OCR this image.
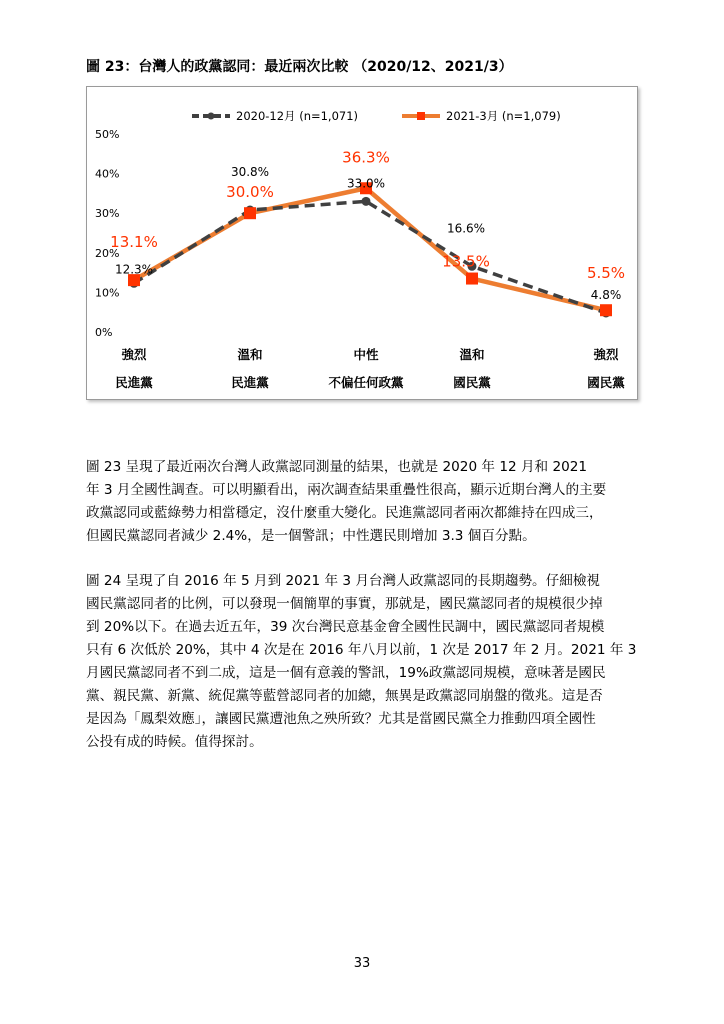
圖 23：台灣人的政黨認同：最近兩次比較 （2020/12、2021/3）
0%
10%
20%
30%
40%
50%
強烈
民進黨
溫和
民進黨
中性
不偏任何政黨
溫和
國民黨
強烈
國民黨
2020-12月 (n=1,071)	2021-3月 (n=1,079)
12.3%
30.8%
33.0%
16.6%
4.8%
13.1%
30.0%
36.3%
13.5%
5.5%

圖 23 呈現了最近兩次台灣人政黨認同測量的結果，也就是 2020 年 12 月和 2021

年 3 月全國性調查。可以明顯看出，兩次調查結果重疊性很高，顯示近期台灣人的主要

政黨認同或藍綠勢力相當穩定，沒什麼重大變化。民進黨認同者兩次都維持在四成三，

但國民黨認同者減少 2.4%，是一個警訊；中性選民則增加 3.3 個百分點。

圖 24 呈現了自 2016 年 5 月到 2021 年 3 月台灣人政黨認同的長期趨勢。仔細檢視

國民黨認同者的比例，可以發現一個簡單的事實，那就是，國民黨認同者的規模很少掉

到 20%以下。在過去近五年，39 次台灣民意基金會全國性民調中，國民黨認同者規模

只有 6 次低於 20%，其中 4 次是在 2016 年八月以前，1 次是 2017 年 2 月。2021 年 3

月國民黨認同者不到二成，這是一個有意義的警訊，19%政黨認同規模，意味著是國民

黨、親民黨、新黨、統促黨等藍營認同者的加總，無異是政黨認同崩盤的徵兆。這是否

是因為「鳳梨效應」，讓國民黨遭池魚之殃所致？尤其是當國民黨全力推動四項全國性

公投有成的時候。值得探討。

33
